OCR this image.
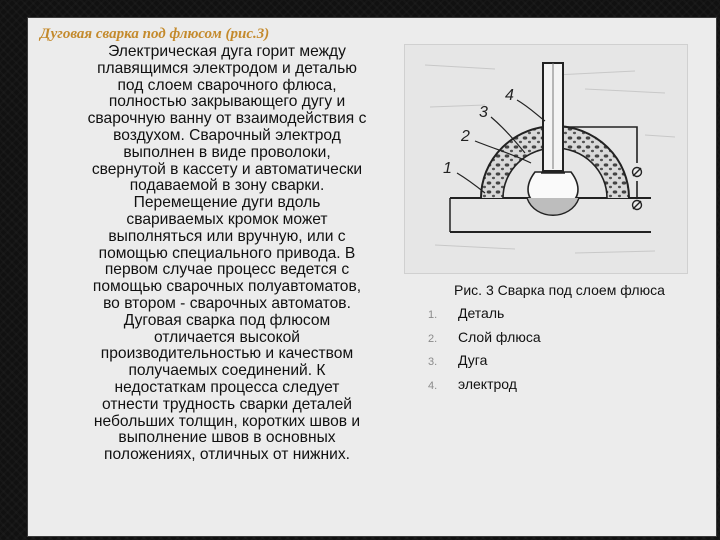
Дуговая сварка под флюсом (рис.3)

Электрическая дуга горит между
плавящимся электродом и деталью
под слоем сварочного флюса,
полностью закрывающего дугу и
сварочную ванну от взаимодействия с
воздухом. Сварочный электрод
выполнен в виде проволоки,
свернутой в кассету и автоматически
подаваемой в зону сварки.
Перемещение дуги вдоль
свариваемых кромок может
выполняться или вручную, или с
помощью специального привода. В
первом случае процесс ведется с
помощью сварочных полуавтоматов,
во втором - сварочных автоматов.
Дуговая сварка под флюсом
отличается высокой
производительностью и качеством
получаемых соединений. К
недостаткам процесса следует
отнести трудность сварки деталей
небольших толщин, коротких швов и
выполнение швов в основных
положениях, отличных от нижних.

1
2
3
4
Рис. 3 Сварка под слоем флюса
1.	Деталь
2.	Слой флюса
3.	Дуга
4.	электрод
